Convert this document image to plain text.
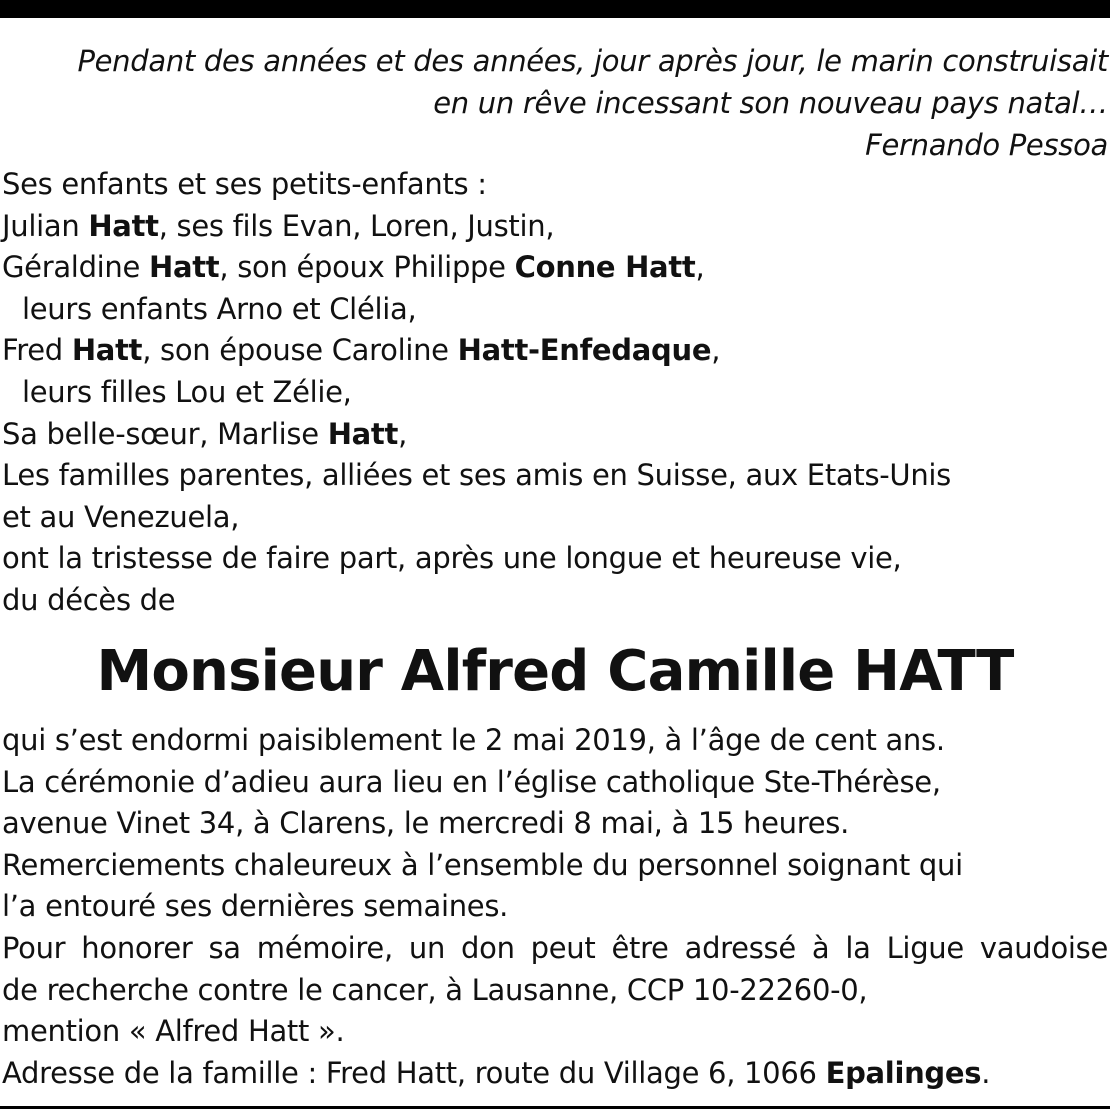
Pendant des années et des années, jour après jour, le marin construisait
en un rêve incessant son nouveau pays natal…
Fernando Pessoa
Ses enfants et ses petits-enfants :
Julian Hatt, ses fils Evan, Loren, Justin,
Géraldine Hatt, son époux Philippe Conne Hatt,
leurs enfants Arno et Clélia,
Fred Hatt, son épouse Caroline Hatt-Enfedaque,
leurs filles Lou et Zélie,
Sa belle-sœur, Marlise Hatt,
Les familles parentes, alliées et ses amis en Suisse, aux Etats-Unis
et au Venezuela,
ont la tristesse de faire part, après une longue et heureuse vie,
du décès de
Monsieur Alfred Camille HATT
qui s’est endormi paisiblement le 2 mai 2019, à l’âge de cent ans.
La cérémonie d’adieu aura lieu en l’église catholique Ste-Thérèse,
avenue Vinet 34, à Clarens, le mercredi 8 mai, à 15 heures.
Remerciements chaleureux à l’ensemble du personnel soignant qui
l’a entouré ses dernières semaines.
Pour honorer sa mémoire, un don peut être adressé à la Ligue vaudoise
de recherche contre le cancer, à Lausanne, CCP 10-22260-0,
mention « Alfred Hatt ».
Adresse de la famille : Fred Hatt, route du Village 6, 1066 Epalinges.
